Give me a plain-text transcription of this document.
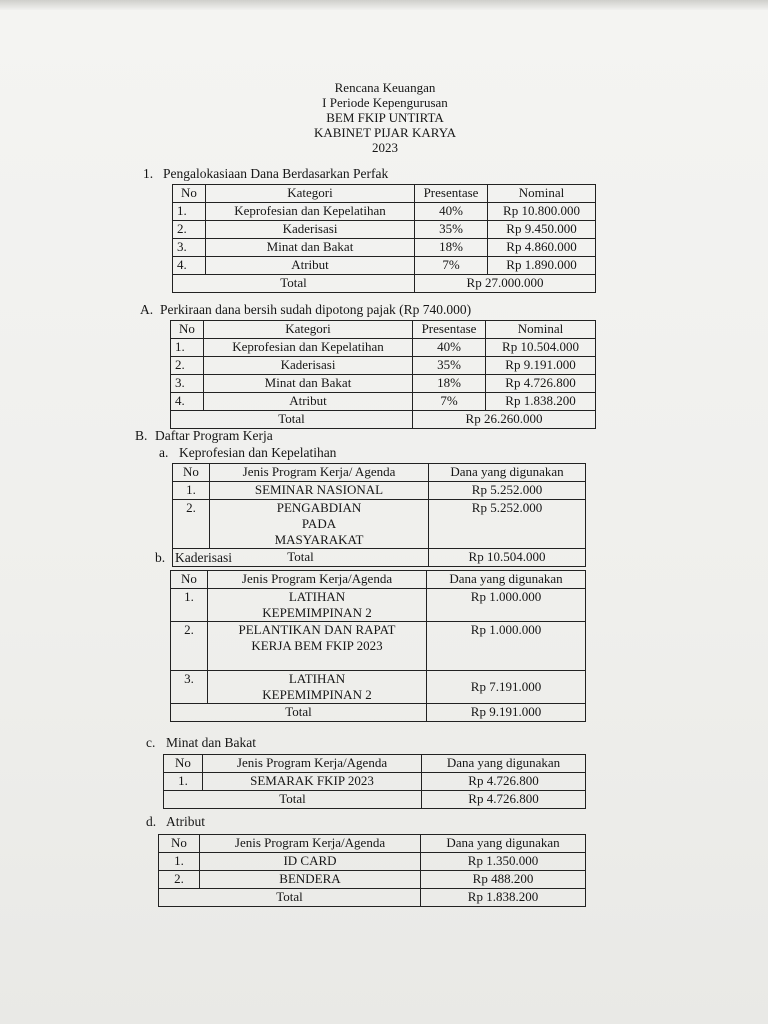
Rencana Keuangan
I Periode Kepengurusan
BEM FKIP UNTIRTA
KABINET PIJAR KARYA
2023
1. Pengalokasiaan Dana Berdasarkan Perfak
No	Kategori	Presentase	Nominal
1.	Keprofesian dan Kepelatihan	40%	Rp 10.800.000
2.	Kaderisasi	35%	Rp 9.450.000
3.	Minat dan Bakat	18%	Rp 4.860.000
4.	Atribut	7%	Rp 1.890.000
Total		Rp 27.000.000	
A. Perkiraan dana bersih sudah dipotong pajak (Rp 740.000)
No	Kategori	Presentase	Nominal
1.	Keprofesian dan Kepelatihan	40%	Rp 10.504.000
2.	Kaderisasi	35%	Rp 9.191.000
3.	Minat dan Bakat	18%	Rp 4.726.800
4.	Atribut	7%	Rp 1.838.200
Total		Rp 26.260.000	
B. Daftar Program Kerja
a. Keprofesian dan Kepelatihan
No	Jenis Program Kerja/ Agenda	Dana yang digunakan
1.	SEMINAR NASIONAL	Rp 5.252.000
2.	PENGABDIAN PADA MASYARAKAT	Rp 5.252.000
Total		Rp 10.504.000
b. Kaderisasi
No	Jenis Program Kerja/Agenda	Dana yang digunakan
1.	LATIHAN KEPEMIMPINAN 2	Rp 1.000.000
2.	PELANTIKAN DAN RAPAT KERJA BEM FKIP 2023	Rp 1.000.000
3.	LATIHAN KEPEMIMPINAN 2	Rp 7.191.000
Total		Rp 9.191.000
c. Minat dan Bakat
No	Jenis Program Kerja/Agenda	Dana yang digunakan
1.	SEMARAK FKIP 2023	Rp 4.726.800
Total		Rp 4.726.800
d. Atribut
No	Jenis Program Kerja/Agenda	Dana yang digunakan
1.	ID CARD	Rp 1.350.000
2.	BENDERA	Rp 488.200
Total		Rp 1.838.200
